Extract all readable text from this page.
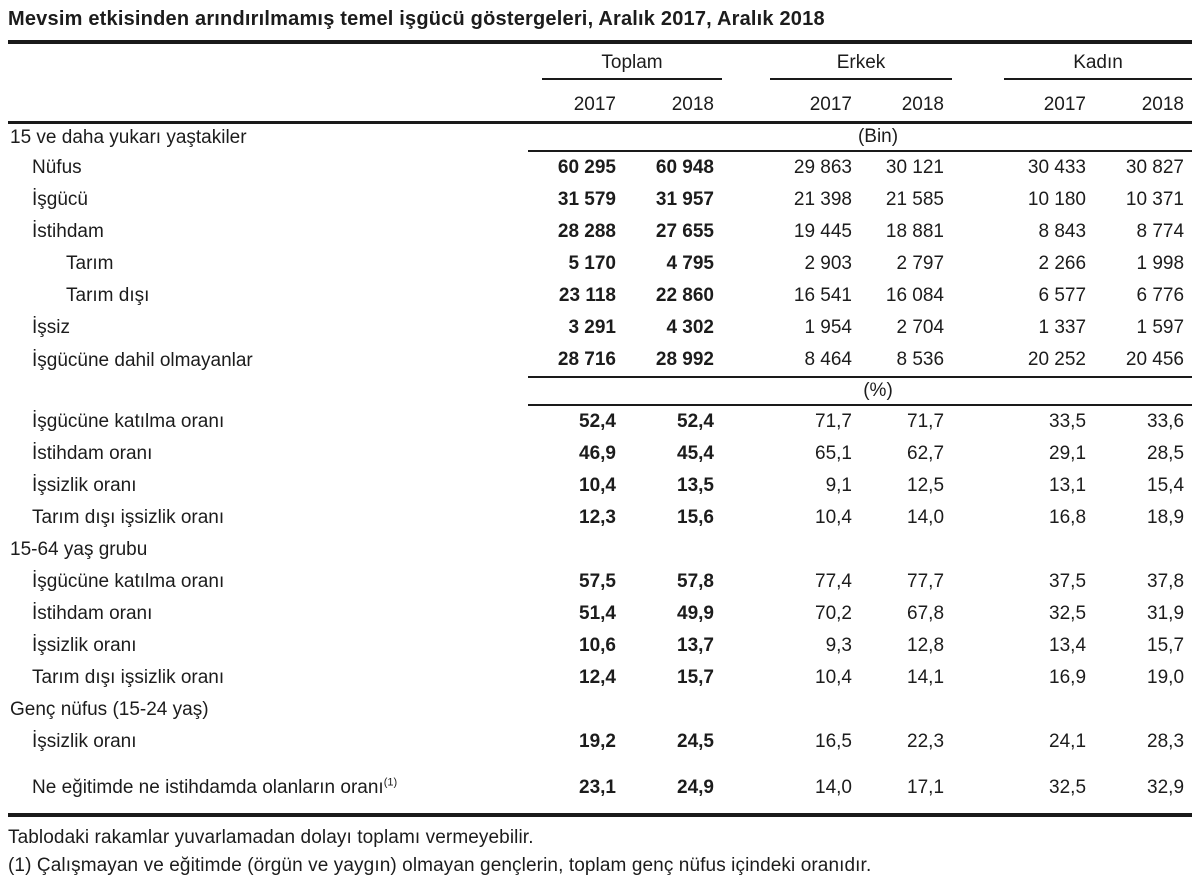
Mevsim etkisinden arındırılmamış temel işgücü göstergeleri, Aralık 2017, Aralık 2018

	Toplam		Erkek		Kadın	

	2017	2018	2017	2018	2017	2018
15 ve daha yukarı yaştakiler	(Bin)					
Nüfus	60 295	60 948	29 863	30 121	30 433	30 827
İşgücü	31 579	31 957	21 398	21 585	10 180	10 371
İstihdam	28 288	27 655	19 445	18 881	8 843	8 774
Tarım	5 170	4 795	2 903	2 797	2 266	1 998
Tarım dışı	23 118	22 860	16 541	16 084	6 577	6 776
İşsiz	3 291	4 302	1 954	2 704	1 337	1 597
İşgücüne dahil olmayanlar	28 716	28 992	8 464	8 536	20 252	20 456
	(%)					
İşgücüne katılma oranı	52,4	52,4	71,7	71,7	33,5	33,6
İstihdam oranı	46,9	45,4	65,1	62,7	29,1	28,5
İşsizlik oranı	10,4	13,5	9,1	12,5	13,1	15,4
Tarım dışı işsizlik oranı	12,3	15,6	10,4	14,0	16,8	18,9
15-64 yaş grubu						
İşgücüne katılma oranı	57,5	57,8	77,4	77,7	37,5	37,8
İstihdam oranı	51,4	49,9	70,2	67,8	32,5	31,9
İşsizlik oranı	10,6	13,7	9,3	12,8	13,4	15,7
Tarım dışı işsizlik oranı	12,4	15,7	10,4	14,1	16,9	19,0
Genç nüfus (15-24 yaş)						
İşsizlik oranı	19,2	24,5	16,5	22,3	24,1	28,3
Ne eğitimde ne istihdamda olanların oranı$^{(1)}$	23,1	24,9	14,0	17,1	32,5	32,9
Tablodaki rakamlar yuvarlamadan dolayı toplamı vermeyebilir.
(1) Çalışmayan ve eğitimde (örgün ve yaygın) olmayan gençlerin, toplam genç nüfus içindeki oranıdır.
